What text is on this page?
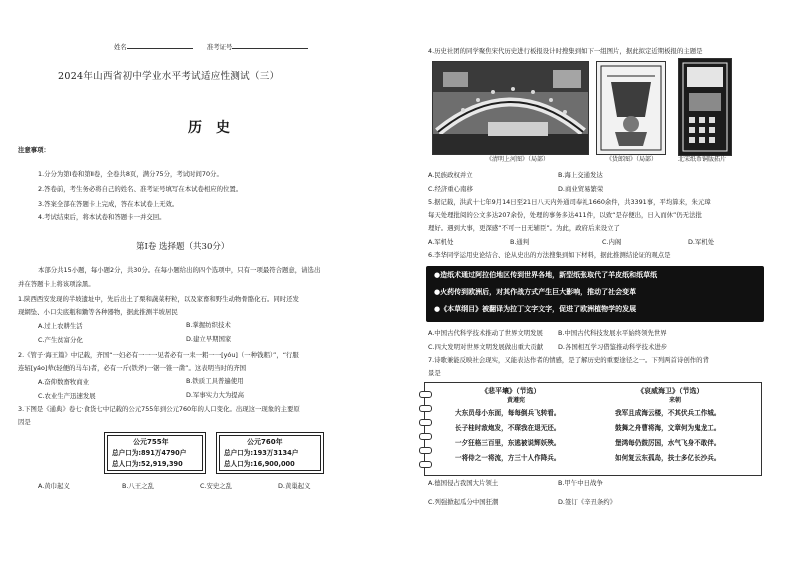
姓名	准考证号
2024年山西省初中学业水平考试适应性测试（三）
历史
注意事项：
1.分分为第Ⅰ卷和第Ⅱ卷，全卷共8页，满分75分，考试时间70分。
2.答卷前，考生务必将自己的姓名、准考证号填写在本试卷相应的位置。
3.答案全部在答题卡上完成，答在本试卷上无效。
4.考试结束后，将本试卷和答题卡一并交回。
第Ⅰ卷 选择题（共30分）
本部分共15小题，每小题2分，共30分。在每小题给出的四个选项中，只有一项最符合题意，请选出
并在答题卡上将该项涂黑。
1.陕西西安发现的半坡遗址中，先后出土了栗和蔬菜籽粒，以及家畜和野生动物骨骼化石。同时还发
现網坠、小口尖底瓶和鋤等各种器物，据此推测半坡居民
A.过上农耕生活	B.掌握纺织技术
C.产生贫富分化	D.建立早期国家
2.《管子·海王篇》中记载，齐国“一妇必有一一一见者必有一耒一耜一一[yóu]（一种钱耜）”，“行服
连轺[yáo]辇(轻便的马车)者，必有一斤(铁斧)一锯一锥一凿”。这表明当时的齐国
A.奋仰数畜牧商业	B.铁质工具普遍使用
C.农业生产迅速发展	D.军事实力大为提高
3.下图是《通典》卷七·食货七中记载的公元755年到公元760年的人口变化。出现这一现象的主要原
因是
公元755年
总户口为:891万4790户
总人口为:52,919,390
公元760年
总户口为:193万3134户
总人口为:16,900,000
A.黄巾起义	B.八王之乱	C.安史之乱	D.黄巢起义
4.历史社团的同学聚焦宋代历史进行板报设计时搜集到如下一组图片，据此拟定近期板报的主题是
《清明上河图》（局部）	《货郎图》（局部）	北宋纸币铜版拓片
A.民族政权并立	B.海上交通发达
C.经济重心南移	D.商业贸易繁荣
5.据记载，洪武十七年9月14日至21日八天内外通司奉礼1660余件，共3391事，平均算来，朱元璋
每天处理批阅的公文多达207余份，处理的事务多达411件，以致“是存便出，日入而休”仍无法批
理好。遇到大事，更深感“不可一日无辅臣”。为此，政府后来设立了
A.军机处	B.通判	C.内阁	D.军机处
6.李华同学运用史论结合、论从史出的方法搜集到如下材料，据此推测结论证的观点是
●造纸术通过阿拉伯地区传到世界各地，新型纸张取代了羊皮纸和纸草纸
●火药传到欧洲后，对其作战方式产生巨大影响，推动了社会变革
●《本草纲目》被翻译为拉丁文字文字，促进了欧洲植物学的发展
A.中国古代科学技术推动了世界文明发展 B.中国古代科技发展水平始终领先世界
C.四大发明对世界文明发展做出重大贡献 D.各国相互学习借鉴推动科学技术进步
7.诗歌兼能反映社会现实，又能表达作者的情感，是了解历史的重要途径之一。下列两首诗创作的背
景是
《悲平壤》（节选）
黄遵宪
大东员母小东面，每每倒兵飞转看。
长子桂时敌炮发，不琛我在退无还。
一夕狂格三百里，东逃被说辉妖殃。
一将侍之一将流，方三十人作降兵。
《哀威海卫》（节选）
来朝
我军且成海云楼，不其伏兵工作城。
鼓舞之舟曹将海，文章何为鬼龙工。
堡鸿每仍鼓厉国，水气飞身不敢伴。
如何复云东孤岛，扶士多亿长沙兵。
A.德国侵占我国大片领土	B.甲午中日战争
C.列强掀起瓜分中国狂潮	D.签订《辛丑条约》
